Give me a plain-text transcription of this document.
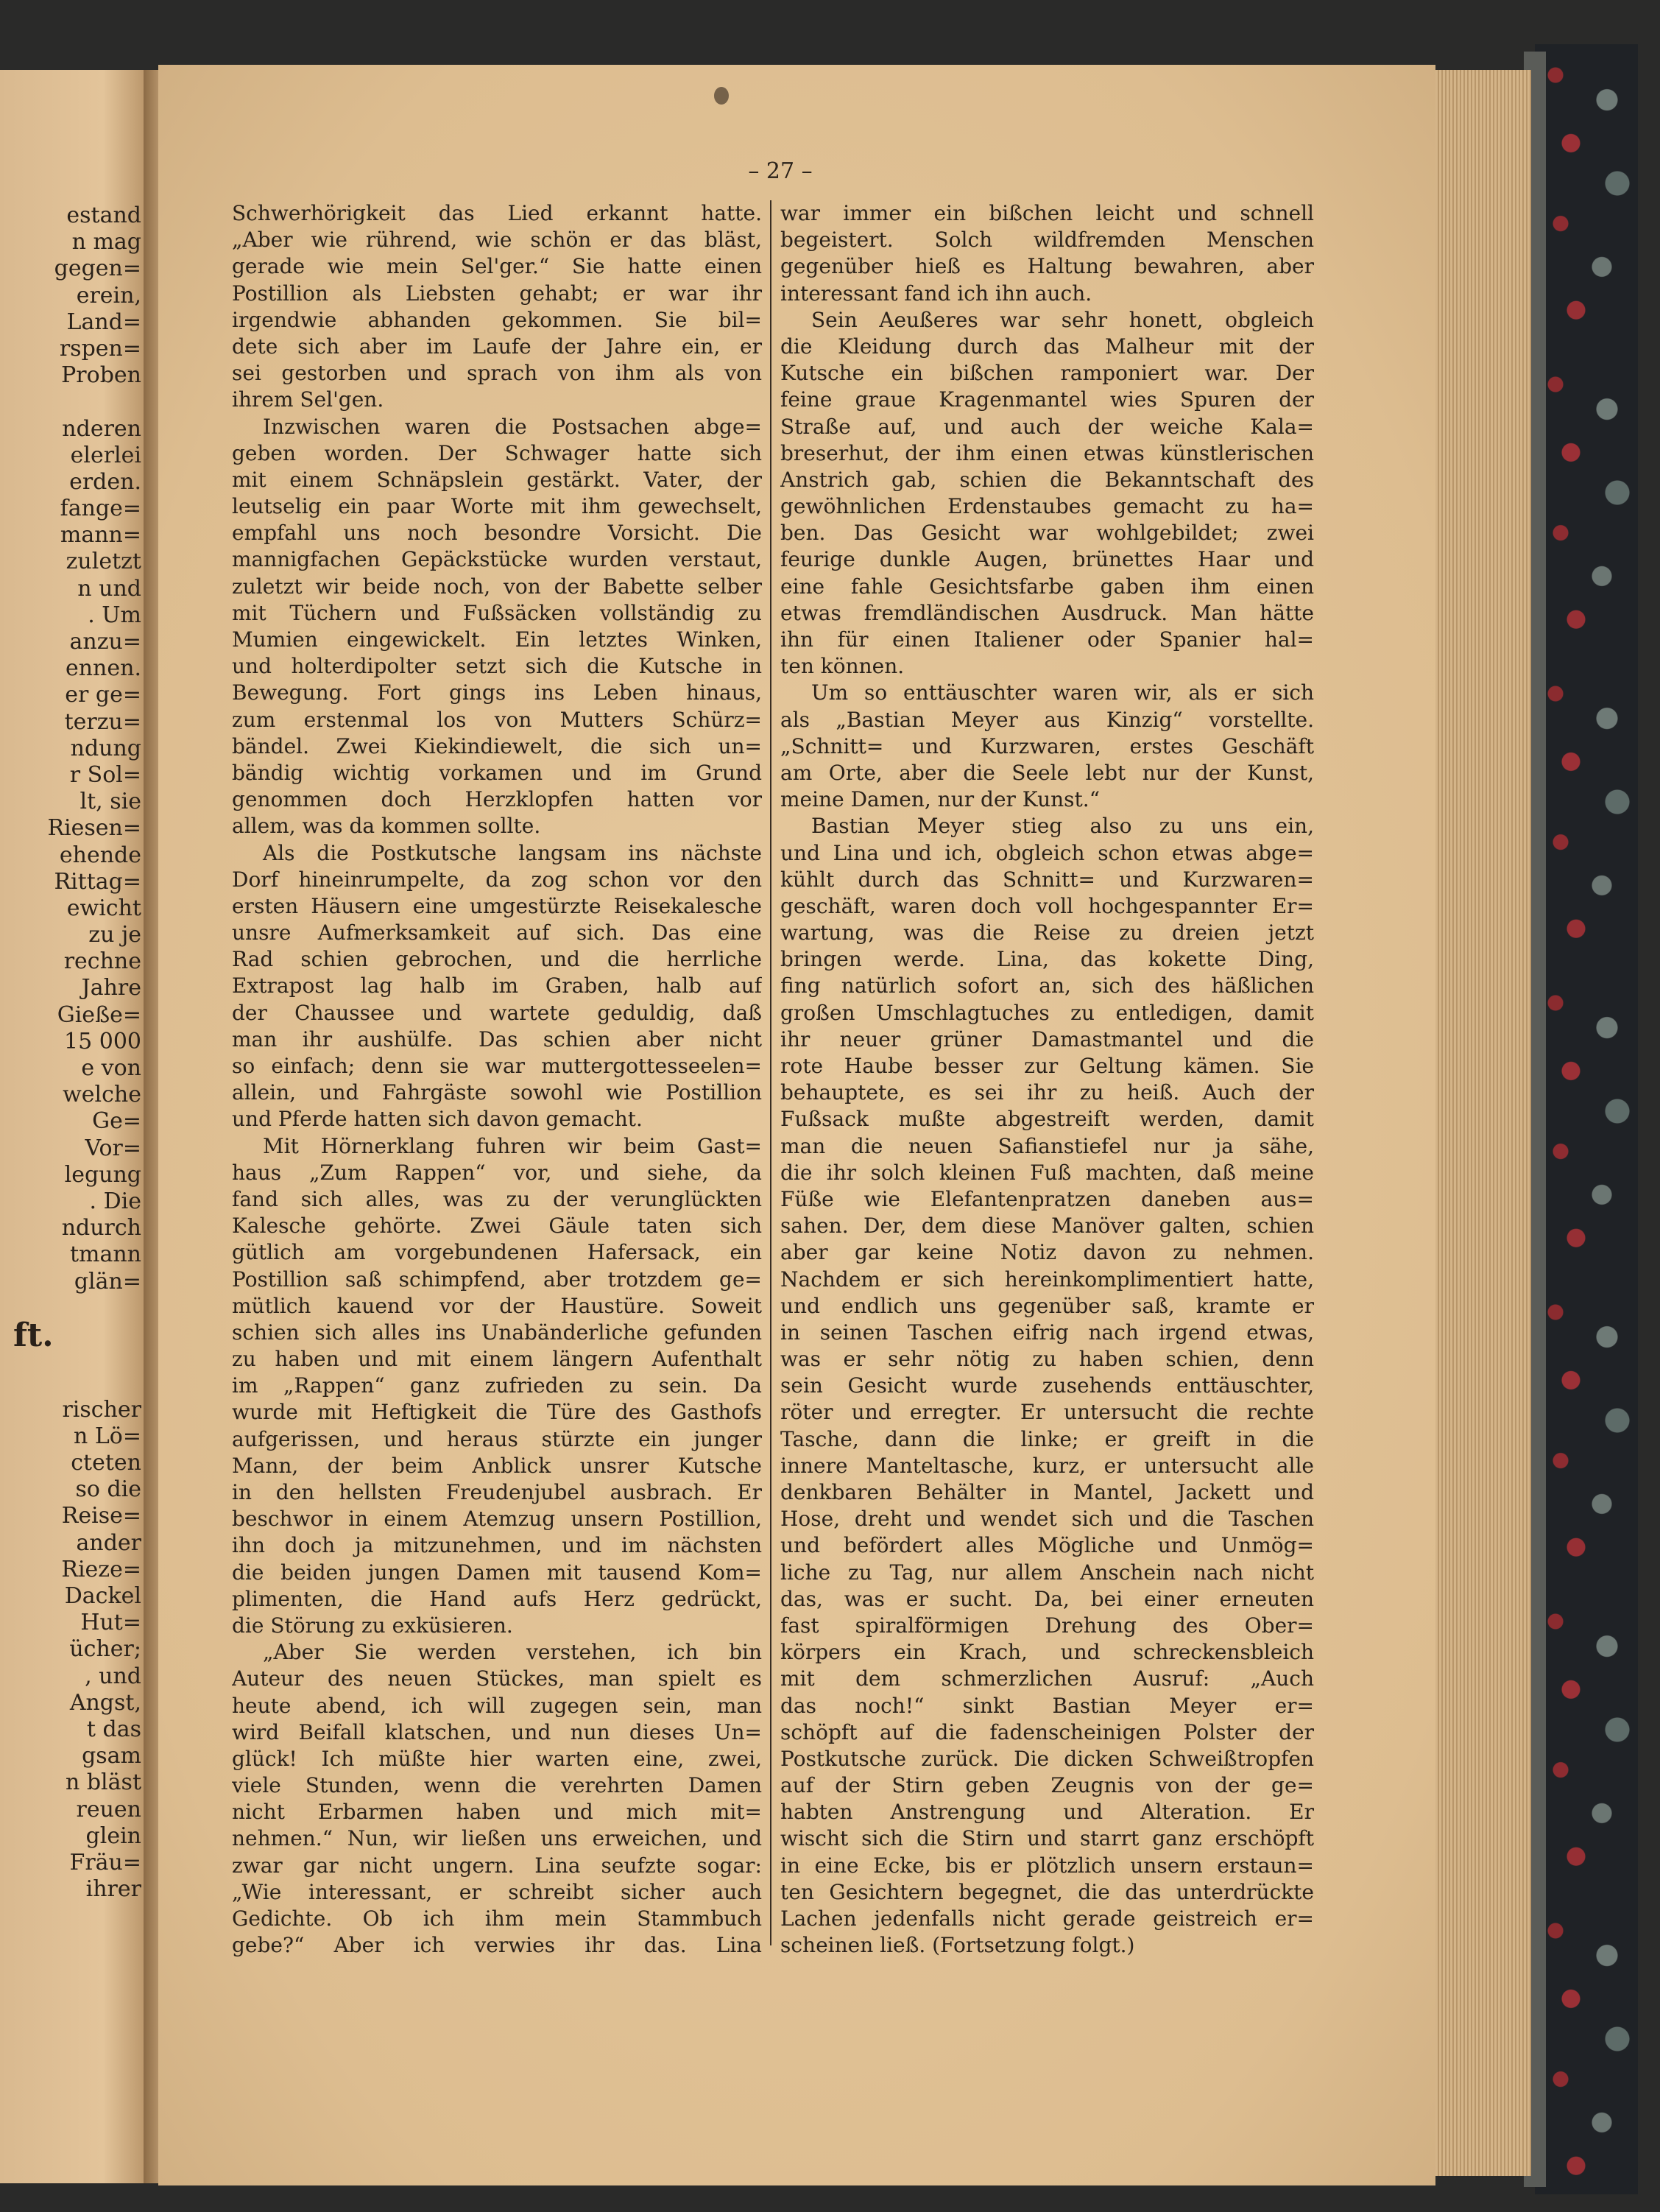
estand
n mag
gegen=
erein,
Land=
rspen=
Proben
nderen
elerlei
erden.
fange=
mann=
zuletzt
n und
. Um
anzu=
ennen.
er ge=
terzu=
ndung
r Sol=
lt, sie
Riesen=
ehende
Rittag=
ewicht
zu je
rechne
Jahre
Gieße=
15 000
e von
welche
Ge=
Vor=
legung
. Die
ndurch
tmann
glän=
ft.
rischer
n Lö=
cteten
so die
Reise=
ander
Rieze=
Dackel
Hut=
ücher;
, und
Angst,
t das
gsam
n bläst
reuen
glein
Fräu=
ihrer
– 27 –
Schwerhörigkeit das Lied erkannt hatte.
„Aber wie rührend, wie schön er das bläst,
gerade wie mein Sel'ger.“ Sie hatte einen
Postillion als Liebsten gehabt; er war ihr
irgendwie abhanden gekommen. Sie bil=
dete sich aber im Laufe der Jahre ein, er
sei gestorben und sprach von ihm als von
ihrem Sel'gen.
Inzwischen waren die Postsachen abge=
geben worden. Der Schwager hatte sich
mit einem Schnäpslein gestärkt. Vater, der
leutselig ein paar Worte mit ihm gewechselt,
empfahl uns noch besondre Vorsicht. Die
mannigfachen Gepäckstücke wurden verstaut,
zuletzt wir beide noch, von der Babette selber
mit Tüchern und Fußsäcken vollständig zu
Mumien eingewickelt. Ein letztes Winken,
und holterdipolter setzt sich die Kutsche in
Bewegung. Fort gings ins Leben hinaus,
zum erstenmal los von Mutters Schürz=
bändel. Zwei Kiekindiewelt, die sich un=
bändig wichtig vorkamen und im Grund
genommen doch Herzklopfen hatten vor
allem, was da kommen sollte.
Als die Postkutsche langsam ins nächste
Dorf hineinrumpelte, da zog schon vor den
ersten Häusern eine umgestürzte Reisekalesche
unsre Aufmerksamkeit auf sich. Das eine
Rad schien gebrochen, und die herrliche
Extrapost lag halb im Graben, halb auf
der Chaussee und wartete geduldig, daß
man ihr aushülfe. Das schien aber nicht
so einfach; denn sie war muttergottesseelen=
allein, und Fahrgäste sowohl wie Postillion
und Pferde hatten sich davon gemacht.
Mit Hörnerklang fuhren wir beim Gast=
haus „Zum Rappen“ vor, und siehe, da
fand sich alles, was zu der verunglückten
Kalesche gehörte. Zwei Gäule taten sich
gütlich am vorgebundenen Hafersack, ein
Postillion saß schimpfend, aber trotzdem ge=
mütlich kauend vor der Haustüre. Soweit
schien sich alles ins Unabänderliche gefunden
zu haben und mit einem längern Aufenthalt
im „Rappen“ ganz zufrieden zu sein. Da
wurde mit Heftigkeit die Türe des Gasthofs
aufgerissen, und heraus stürzte ein junger
Mann, der beim Anblick unsrer Kutsche
in den hellsten Freudenjubel ausbrach. Er
beschwor in einem Atemzug unsern Postillion,
ihn doch ja mitzunehmen, und im nächsten
die beiden jungen Damen mit tausend Kom=
plimenten, die Hand aufs Herz gedrückt,
die Störung zu exküsieren.
„Aber Sie werden verstehen, ich bin
Auteur des neuen Stückes, man spielt es
heute abend, ich will zugegen sein, man
wird Beifall klatschen, und nun dieses Un=
glück! Ich müßte hier warten eine, zwei,
viele Stunden, wenn die verehrten Damen
nicht Erbarmen haben und mich mit=
nehmen.“ Nun, wir ließen uns erweichen, und
zwar gar nicht ungern. Lina seufzte sogar:
„Wie interessant, er schreibt sicher auch
Gedichte. Ob ich ihm mein Stammbuch
gebe?“ Aber ich verwies ihr das. Lina
war immer ein bißchen leicht und schnell
begeistert. Solch wildfremden Menschen
gegenüber hieß es Haltung bewahren, aber
interessant fand ich ihn auch.
Sein Aeußeres war sehr honett, obgleich
die Kleidung durch das Malheur mit der
Kutsche ein bißchen ramponiert war. Der
feine graue Kragenmantel wies Spuren der
Straße auf, und auch der weiche Kala=
breserhut, der ihm einen etwas künstlerischen
Anstrich gab, schien die Bekanntschaft des
gewöhnlichen Erdenstaubes gemacht zu ha=
ben. Das Gesicht war wohlgebildet; zwei
feurige dunkle Augen, brünettes Haar und
eine fahle Gesichtsfarbe gaben ihm einen
etwas fremdländischen Ausdruck. Man hätte
ihn für einen Italiener oder Spanier hal=
ten können.
Um so enttäuschter waren wir, als er sich
als „Bastian Meyer aus Kinzig“ vorstellte.
„Schnitt= und Kurzwaren, erstes Geschäft
am Orte, aber die Seele lebt nur der Kunst,
meine Damen, nur der Kunst.“
Bastian Meyer stieg also zu uns ein,
und Lina und ich, obgleich schon etwas abge=
kühlt durch das Schnitt= und Kurzwaren=
geschäft, waren doch voll hochgespannter Er=
wartung, was die Reise zu dreien jetzt
bringen werde. Lina, das kokette Ding,
fing natürlich sofort an, sich des häßlichen
großen Umschlagtuches zu entledigen, damit
ihr neuer grüner Damastmantel und die
rote Haube besser zur Geltung kämen. Sie
behauptete, es sei ihr zu heiß. Auch der
Fußsack mußte abgestreift werden, damit
man die neuen Safianstiefel nur ja sähe,
die ihr solch kleinen Fuß machten, daß meine
Füße wie Elefantenpratzen daneben aus=
sahen. Der, dem diese Manöver galten, schien
aber gar keine Notiz davon zu nehmen.
Nachdem er sich hereinkomplimentiert hatte,
und endlich uns gegenüber saß, kramte er
in seinen Taschen eifrig nach irgend etwas,
was er sehr nötig zu haben schien, denn
sein Gesicht wurde zusehends enttäuschter,
röter und erregter. Er untersucht die rechte
Tasche, dann die linke; er greift in die
innere Manteltasche, kurz, er untersucht alle
denkbaren Behälter in Mantel, Jackett und
Hose, dreht und wendet sich und die Taschen
und befördert alles Mögliche und Unmög=
liche zu Tag, nur allem Anschein nach nicht
das, was er sucht. Da, bei einer erneuten
fast spiralförmigen Drehung des Ober=
körpers ein Krach, und schreckensbleich
mit dem schmerzlichen Ausruf: „Auch
das noch!“ sinkt Bastian Meyer er=
schöpft auf die fadenscheinigen Polster der
Postkutsche zurück. Die dicken Schweißtropfen
auf der Stirn geben Zeugnis von der ge=
habten Anstrengung und Alteration. Er
wischt sich die Stirn und starrt ganz erschöpft
in eine Ecke, bis er plötzlich unsern erstaun=
ten Gesichtern begegnet, die das unterdrückte
Lachen jedenfalls nicht gerade geistreich er=
scheinen ließ. (Fortsetzung folgt.)
